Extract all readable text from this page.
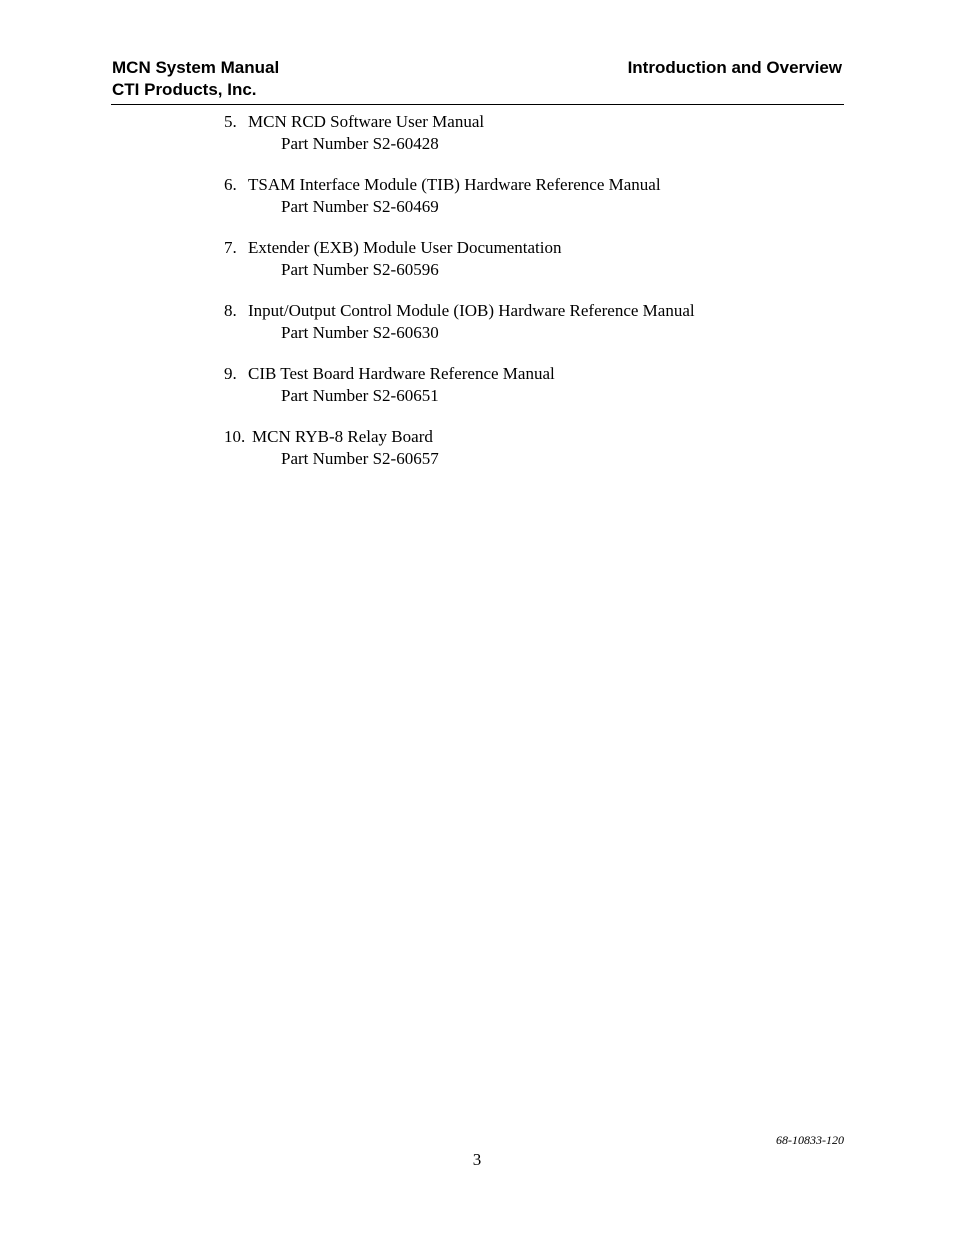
MCN System Manual
CTI Products, Inc.
Introduction and Overview
5. MCN RCD Software User Manual
Part Number S2-60428
6. TSAM Interface Module (TIB) Hardware Reference Manual
Part Number S2-60469
7. Extender (EXB) Module User Documentation
Part Number S2-60596
8. Input/Output Control Module (IOB) Hardware Reference Manual
Part Number S2-60630
9. CIB Test Board Hardware Reference Manual
Part Number S2-60651
10. MCN RYB-8 Relay Board
Part Number S2-60657
68-10833-120
3
